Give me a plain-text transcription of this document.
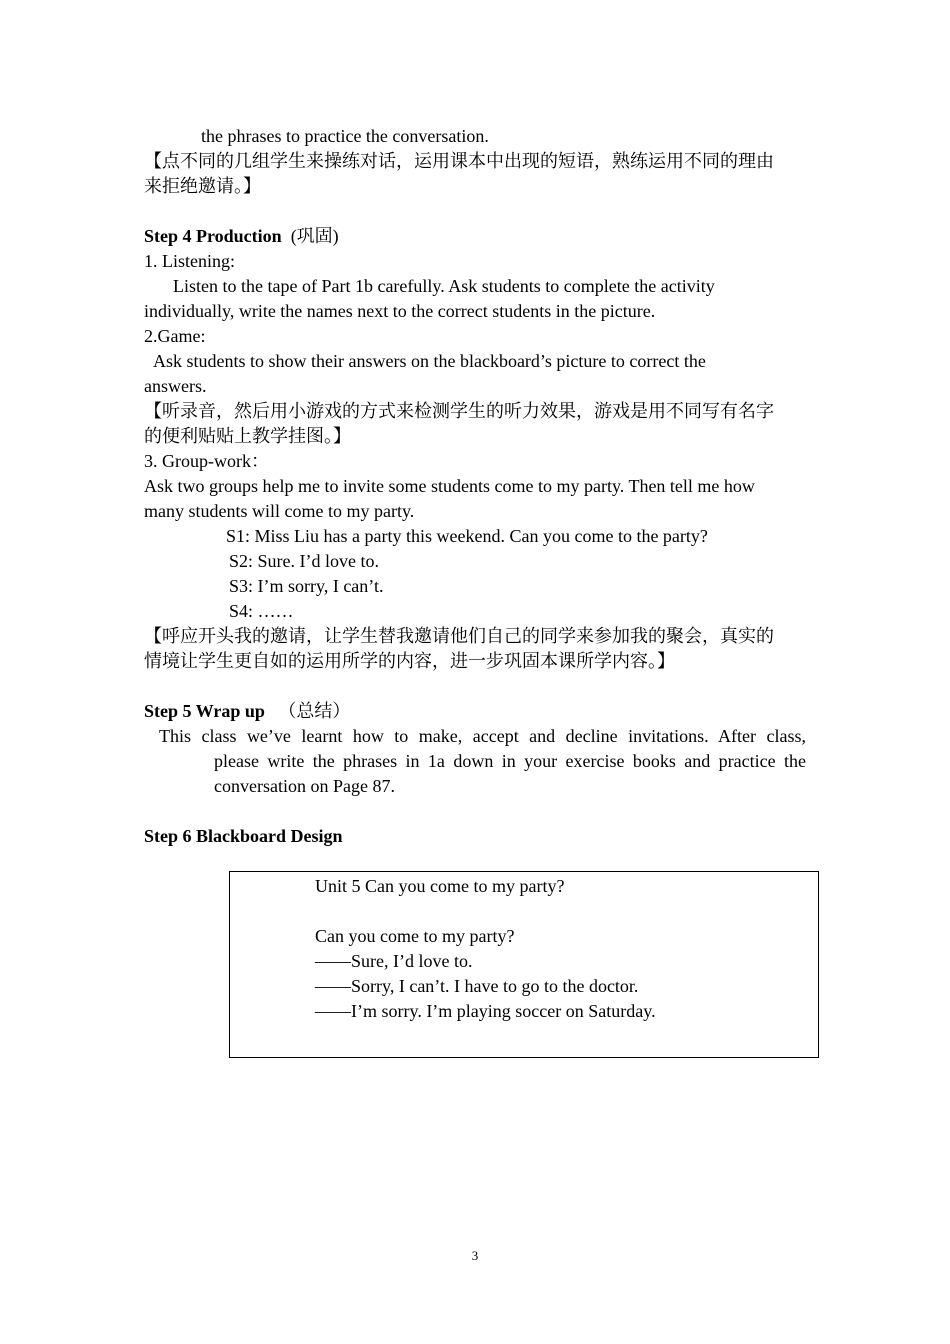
the phrases to practice the conversation.
【点不同的几组学生来操练对话，运用课本中出现的短语，熟练运用不同的理由
来拒绝邀请。】
Step 4 Production (巩固)
1. Listening:
Listen to the tape of Part 1b carefully. Ask students to complete the activity
individually, write the names next to the correct students in the picture.
2.Game:
Ask students to show their answers on the blackboard’s picture to correct the
answers.
【听录音，然后用小游戏的方式来检测学生的听力效果，游戏是用不同写有名字
的便利贴贴上教学挂图。】
3. Group-work：
Ask two groups help me to invite some students come to my party. Then tell me how
many students will come to my party.
S1: Miss Liu has a party this weekend. Can you come to the party?
S2: Sure. I’d love to.
S3: I’m sorry, I can’t.
S4: ……
【呼应开头我的邀请，让学生替我邀请他们自己的同学来参加我的聚会，真实的
情境让学生更自如的运用所学的内容，进一步巩固本课所学内容。】
Step 5 Wrap up （总结）
This class we’ve learnt how to make, accept and decline invitations. After class,
please write the phrases in 1a down in your exercise books and practice the
conversation on Page 87.
Step 6 Blackboard Design
Unit 5 Can you come to my party?
Can you come to my party?
——Sure, I’d love to.
——Sorry, I can’t. I have to go to the doctor.
——I’m sorry. I’m playing soccer on Saturday.
3
